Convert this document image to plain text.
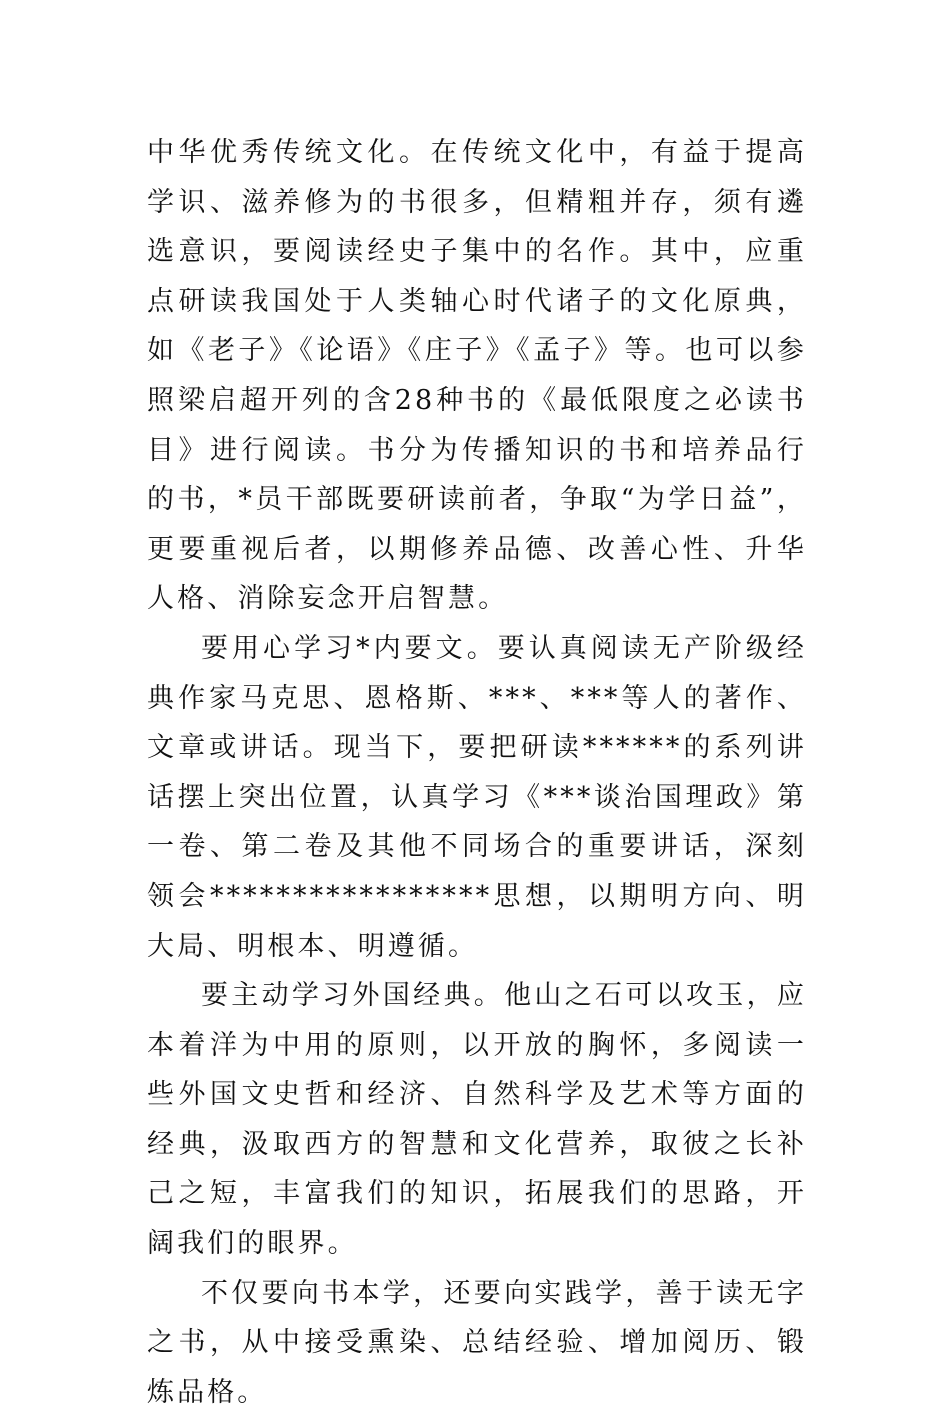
中华优秀传统文化。在传统文化中，有益于提高学识、滋养修为的书很多，但精粗并存，须有遴选意识，要阅读经史子集中的名作。其中，应重点研读我国处于人类轴心时代诸子的文化原典，如《老子》《论语》《庄子》《孟子》等。也可以参照梁启超开列的含28种书的《最低限度之必读书目》进行阅读。书分为传播知识的书和培养品行的书，*员干部既要研读前者，争取“为学日益”，更要重视后者，以期修养品德、改善心性、升华人格、消除妄念开启智慧。

要用心学习*内要文。要认真阅读无产阶级经典作家马克思、恩格斯、***、***等人的著作、文章或讲话。现当下，要把研读******的系列讲话摆上突出位置，认真学习《***谈治国理政》第一卷、第二卷及其他不同场合的重要讲话，深刻领会*****************思想，以期明方向、明大局、明根本、明遵循。

要主动学习外国经典。他山之石可以攻玉，应本着洋为中用的原则，以开放的胸怀，多阅读一些外国文史哲和经济、自然科学及艺术等方面的经典，汲取西方的智慧和文化营养，取彼之长补己之短，丰富我们的知识，拓展我们的思路，开阔我们的眼界。

不仅要向书本学，还要向实践学，善于读无字之书，从中接受熏染、总结经验、增加阅历、锻炼品格。
